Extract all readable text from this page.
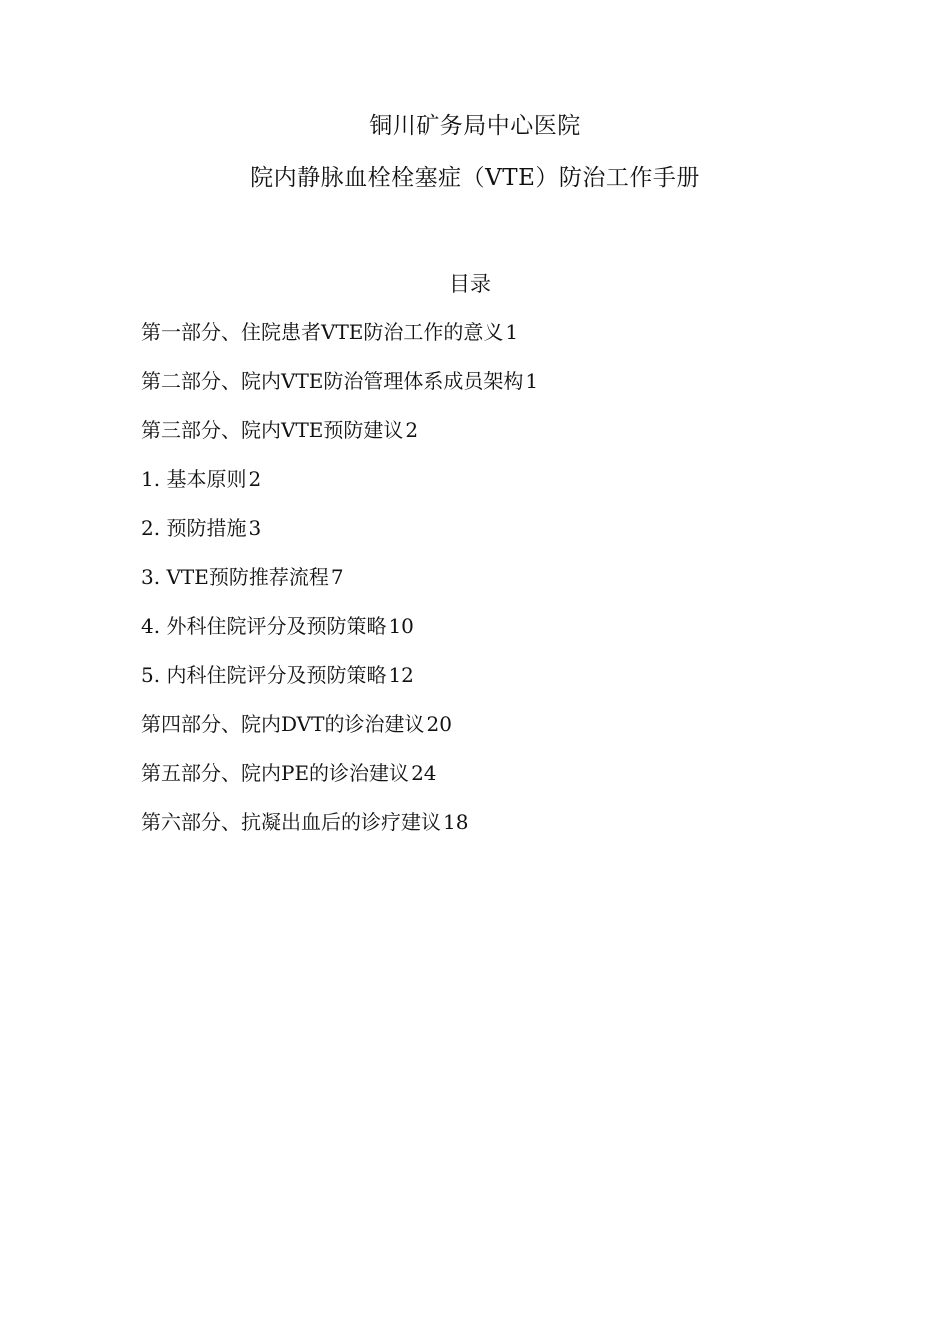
铜川矿务局中心医院

院内静脉血栓栓塞症（VTE）防治工作手册

目录

第一部分、住院患者VTE防治工作的意义 1
第二部分、院内VTE防治管理体系成员架构 1
第三部分、院内VTE预防建议 2
1. 基本原则 2
2. 预防措施 3
3. VTE预防推荐流程 7
4. 外科住院评分及预防策略 10
5. 内科住院评分及预防策略 12
第四部分、院内DVT的诊治建议 20
第五部分、院内PE的诊治建议 24
第六部分、抗凝出血后的诊疗建议 18
